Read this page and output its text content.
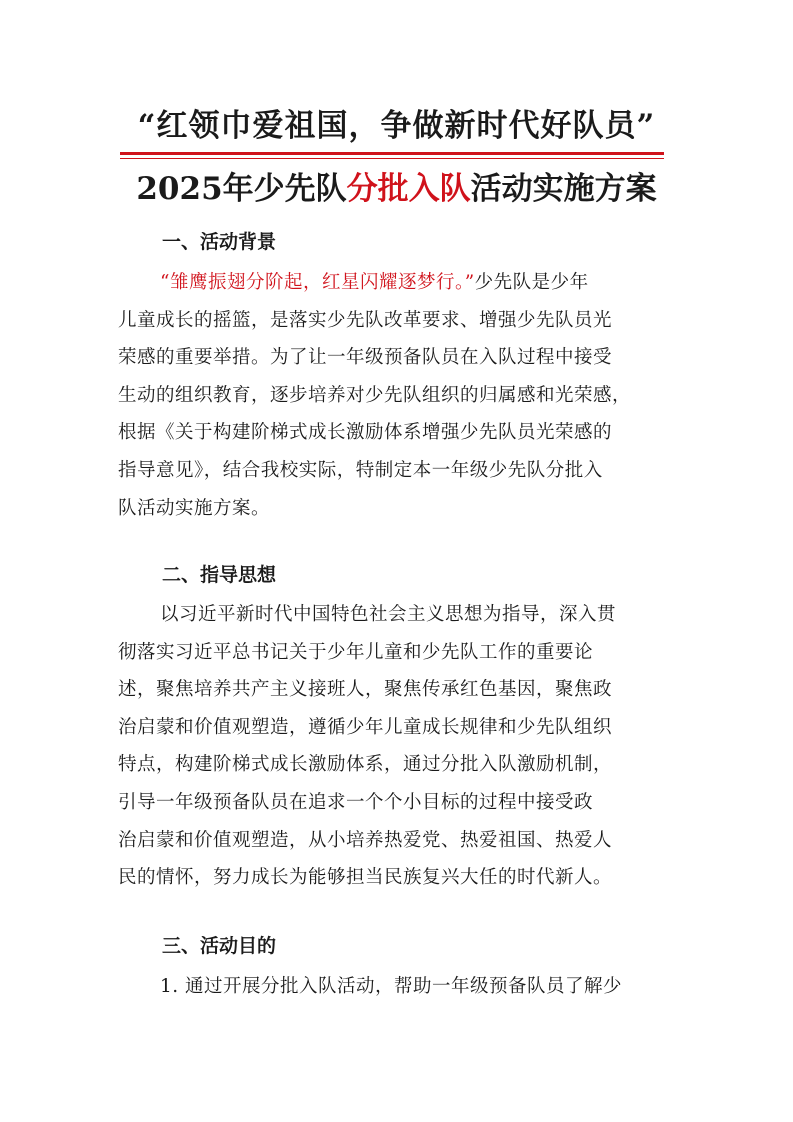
“红领巾爱祖国，争做新时代好队员”
2025年少先队分批入队活动实施方案
一、活动背景
“雏鹰振翅分阶起，红星闪耀逐梦行。”少先队是少年
儿童成长的摇篮，是落实少先队改革要求、增强少先队员光
荣感的重要举措。为了让一年级预备队员在入队过程中接受
生动的组织教育，逐步培养对少先队组织的归属感和光荣感，
根据《关于构建阶梯式成长激励体系增强少先队员光荣感的
指导意见》，结合我校实际，特制定本一年级少先队分批入
队活动实施方案。
二、指导思想
以习近平新时代中国特色社会主义思想为指导，深入贯
彻落实习近平总书记关于少年儿童和少先队工作的重要论
述，聚焦培养共产主义接班人，聚焦传承红色基因，聚焦政
治启蒙和价值观塑造，遵循少年儿童成长规律和少先队组织
特点，构建阶梯式成长激励体系，通过分批入队激励机制，
引导一年级预备队员在追求一个个小目标的过程中接受政
治启蒙和价值观塑造，从小培养热爱党、热爱祖国、热爱人
民的情怀，努力成长为能够担当民族复兴大任的时代新人。
三、活动目的
1. 通过开展分批入队活动，帮助一年级预备队员了解少
